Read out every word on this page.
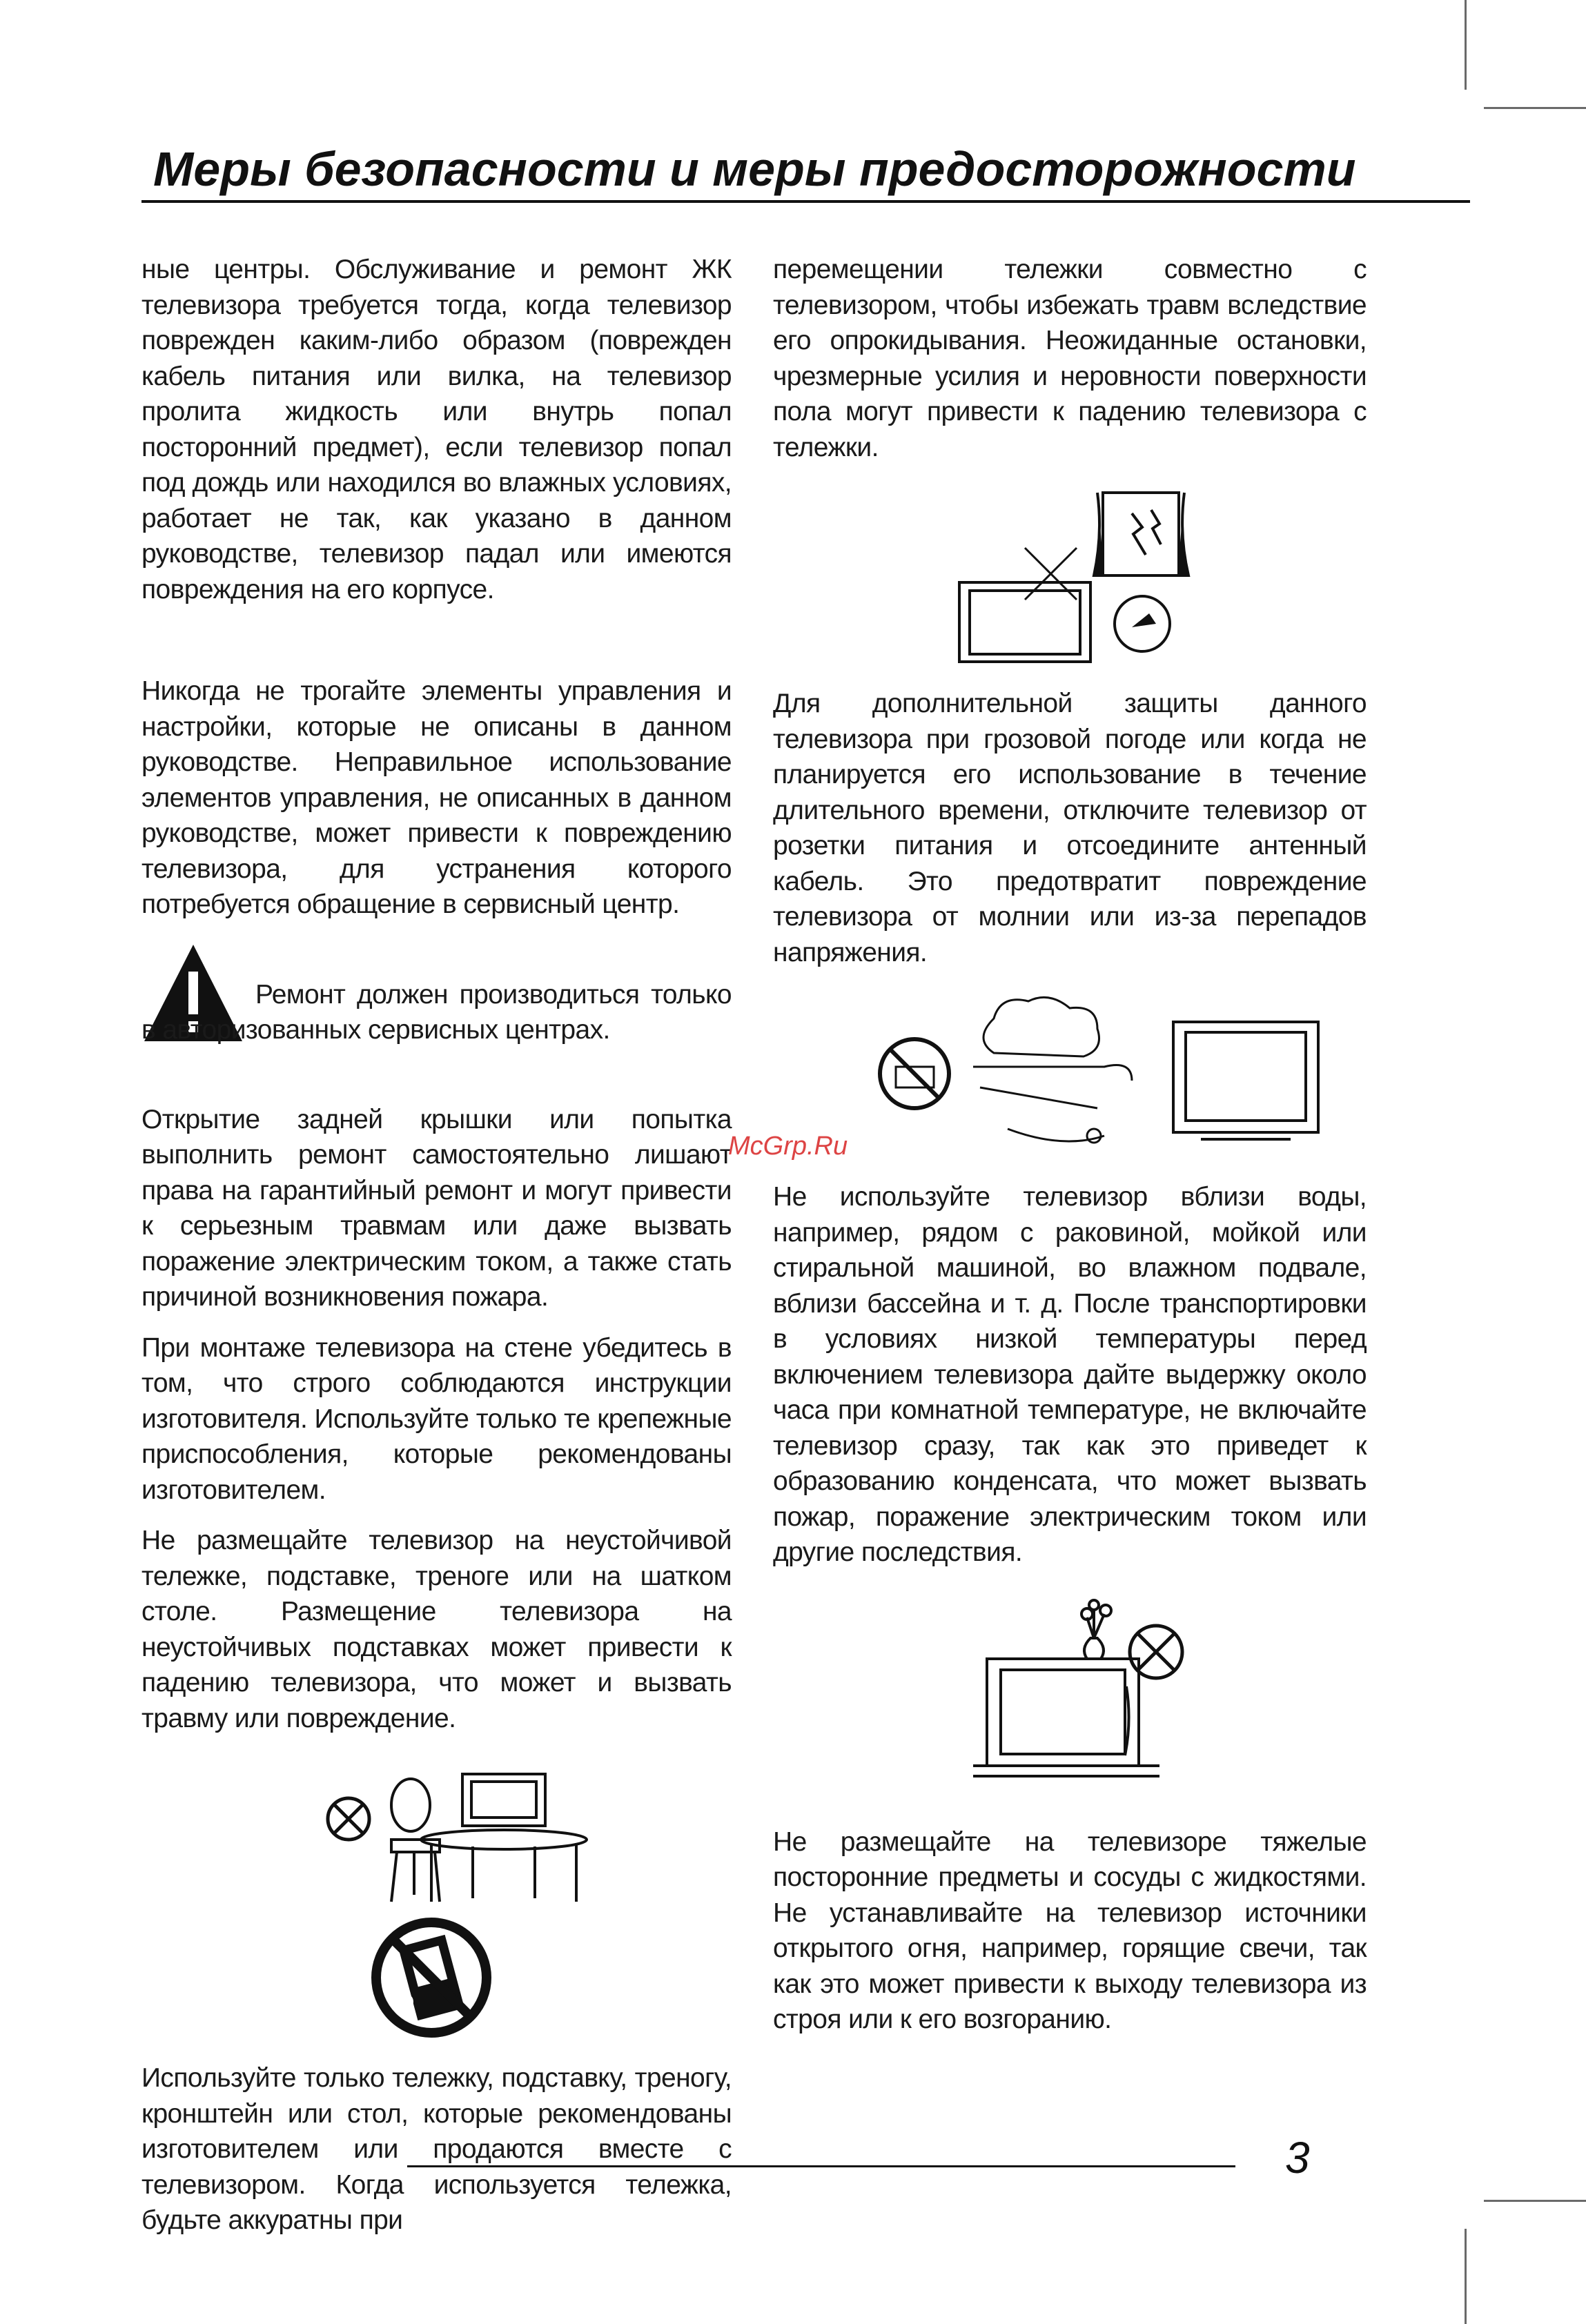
Меры безопасности и меры предосторожности

ные центры. Обслуживание и ремонт ЖК телевизора требуется тогда, когда телевизор поврежден каким-либо образом (поврежден кабель питания или вилка, на телевизор пролита жидкость или внутрь попал посторонний предмет), если телевизор попал под дождь или находился во влажных условиях, работает не так, как указано в данном руководстве, телевизор падал или имеются повреждения на его корпусе.

Никогда не трогайте элементы управления и настройки, которые не описаны в данном руководстве. Неправильное использование элементов управления, не описанных в данном руководстве, может привести к повреждению телевизора, для устранения которого потребуется обращение в сервисный центр.

Ремонт должен производиться только в авторизованных сервисных центрах.

Открытие задней крышки или попытка выполнить ремонт самостоятельно лишают права на гарантийный ремонт и могут привести к серьезным травмам или даже вызвать поражение электрическим током, а также стать причиной возникновения пожара.

При монтаже телевизора на стене убедитесь в том, что строго соблюдаются инструкции изготовителя. Используйте только те крепежные приспособления, которые рекомендованы изготовителем.

Не размещайте телевизор на неустойчивой тележке, подставке, треноге или на шатком столе. Размещение телевизора на неустойчивых подставках может привести к падению телевизора, что может и вызвать травму или повреждение.

Используйте только тележку, подставку, треногу, кронштейн или стол, которые рекомендованы изготовителем или продаются вместе с телевизором. Когда используется тележка, будьте аккуратны при

перемещении тележки совместно с телевизором, чтобы избежать травм вследствие его опрокидывания. Неожиданные остановки, чрезмерные усилия и неровности поверхности пола могут привести к падению телевизора с тележки.

Для дополнительной защиты данного телевизора при грозовой погоде или когда не планируется его использование в течение длительного времени, отключите телевизор от розетки питания и отсоедините антенный кабель. Это предотвратит повреждение телевизора от молнии или из-за перепадов напряжения.

Не используйте телевизор вблизи воды, например, рядом с раковиной, мойкой или стиральной машиной, во влажном подвале, вблизи бассейна и т. д. После транспортировки в условиях низкой температуры перед включением телевизора дайте выдержку около часа при комнатной температуре, не включайте телевизор сразу, так как это приведет к образованию конденсата, что может вызвать пожар, поражение электрическим током или другие последствия.

Не размещайте на телевизоре тяжелые посторонние предметы и сосуды с жидкостями. Не устанавливайте на телевизор источники открытого огня, например, горящие свечи, так как это может привести к выходу телевизора из строя или к его возгоранию.

McGrp.Ru
3
